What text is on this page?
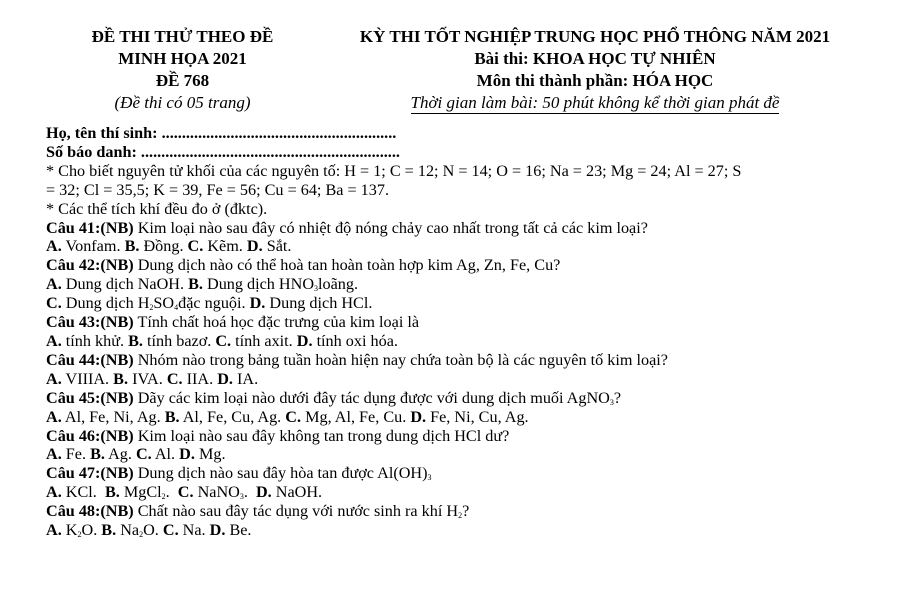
ĐỀ THI THỬ THEO ĐỀ
MINH HỌA 2021
ĐỀ 768
(Đề thi có 05 trang)
KỲ THI TỐT NGHIỆP TRUNG HỌC PHỔ THÔNG NĂM 2021
Bài thi: KHOA HỌC TỰ NHIÊN
Môn thi thành phần: HÓA HỌC
Thời gian làm bài: 50 phút không kể thời gian phát đề
Họ, tên thí sinh: ..........................................................
Số báo danh: ................................................................
* Cho biết nguyên tử khối của các nguyên tố: H = 1; C = 12; N = 14; O = 16; Na = 23; Mg = 24; Al = 27; S
= 32; Cl = 35,5; K = 39, Fe = 56; Cu = 64; Ba = 137.
* Các thể tích khí đều đo ở (đktc).
Câu 41:(NB) Kim loại nào sau đây có nhiệt độ nóng chảy cao nhất trong tất cả các kim loại?
A. Vonfam. B. Đồng. C. Kẽm. D. Sắt.
Câu 42:(NB) Dung dịch nào có thể hoà tan hoàn toàn hợp kim Ag, Zn, Fe, Cu?
A. Dung dịch NaOH. B. Dung dịch $HNO_3loãng$.
C. Dung dịch $H_2SO_4đặc$ nguội. D. Dung dịch HCl.
Câu 43:(NB) Tính chất hoá học đặc trưng của kim loại là
A. tính khử. B. tính bazơ. C. tính axit. D. tính oxi hóa.
Câu 44:(NB) Nhóm nào trong bảng tuần hoàn hiện nay chứa toàn bộ là các nguyên tố kim loại?
A. VIIIA. B. IVA. C. IIA. D. IA.
Câu 45:(NB) Dãy các kim loại nào dưới đây tác dụng được với dung dịch muối AgNO$_3$?
A. Al, Fe, Ni, Ag. B. Al, Fe, Cu, Ag. C. Mg, Al, Fe, Cu. D. Fe, Ni, Cu, Ag.
Câu 46:(NB) Kim loại nào sau đây không tan trong dung dịch HCl dư?
A. Fe. B. Ag. C. Al. D. Mg.
Câu 47:(NB) Dung dịch nào sau đây hòa tan được $Al(OH)_3$
A. KCl.  B. MgCl$_2$.  C. NaNO$_3$.  D. NaOH.
Câu 48:(NB) Chất nào sau đây tác dụng với nước sinh ra khí $H_2$?
A. $K_2O$. B. $Na_2O$. C. Na. D. Be.
